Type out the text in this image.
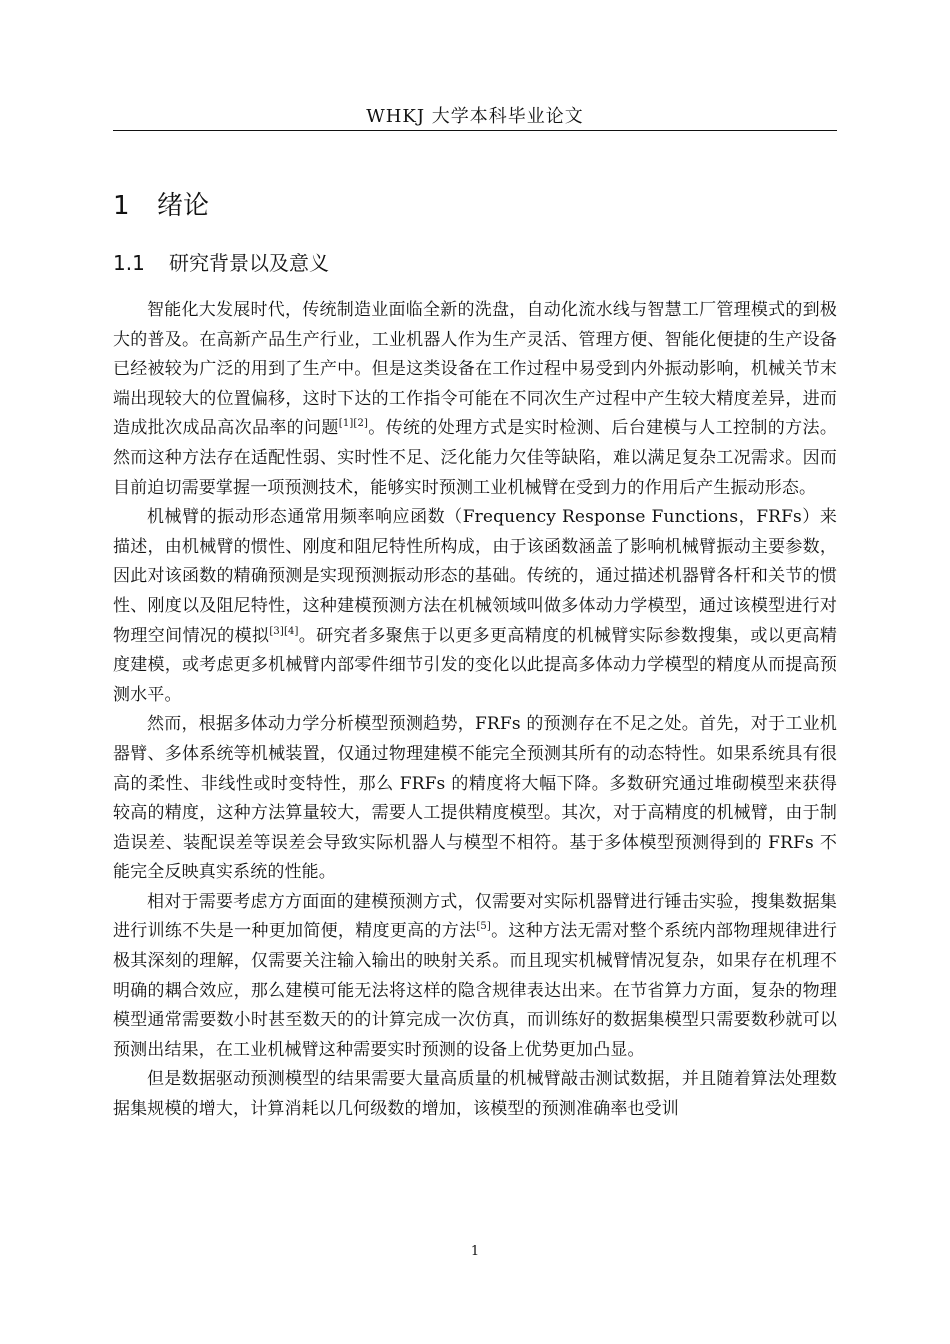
WHKJ 大学本科毕业论文
1 绪论
1.1 研究背景以及意义

智能化大发展时代，传统制造业面临全新的洗盘，自动化流水线与智慧工厂管理模式的到极大的普及。在高新产品生产行业，工业机器人作为生产灵活、管理方便、智能化便捷的生产设备已经被较为广泛的用到了生产中。但是这类设备在工作过程中易受到内外振动影响，机械关节末端出现较大的位置偏移，这时下达的工作指令可能在不同次生产过程中产生较大精度差异，进而造成批次成品高次品率的问题[1][2]。传统的处理方式是实时检测、后台建模与人工控制的方法。然而这种方法存在适配性弱、实时性不足、泛化能力欠佳等缺陷，难以满足复杂工况需求。因而目前迫切需要掌握一项预测技术，能够实时预测工业机械臂在受到力的作用后产生振动形态。

机械臂的振动形态通常用频率响应函数（Frequency Response Functions，FRFs）来描述，由机械臂的惯性、刚度和阻尼特性所构成，由于该函数涵盖了影响机械臂振动主要参数，因此对该函数的精确预测是实现预测振动形态的基础。传统的，通过描述机器臂各杆和关节的惯性、刚度以及阻尼特性，这种建模预测方法在机械领域叫做多体动力学模型，通过该模型进行对物理空间情况的模拟[3][4]。研究者多聚焦于以更多更高精度的机械臂实际参数搜集，或以更高精度建模，或考虑更多机械臂内部零件细节引发的变化以此提高多体动力学模型的精度从而提高预测水平。

然而，根据多体动力学分析模型预测趋势，FRFs 的预测存在不足之处。首先，对于工业机器臂、多体系统等机械装置，仅通过物理建模不能完全预测其所有的动态特性。如果系统具有很高的柔性、非线性或时变特性，那么 FRFs 的精度将大幅下降。多数研究通过堆砌模型来获得较高的精度，这种方法算量较大，需要人工提供精度模型。其次，对于高精度的机械臂，由于制造误差、装配误差等误差会导致实际机器人与模型不相符。基于多体模型预测得到的 FRFs 不能完全反映真实系统的性能。

相对于需要考虑方方面面的建模预测方式，仅需要对实际机器臂进行锤击实验，搜集数据集进行训练不失是一种更加简便，精度更高的方法[5]。这种方法无需对整个系统内部物理规律进行极其深刻的理解，仅需要关注输入输出的映射关系。而且现实机械臂情况复杂，如果存在机理不明确的耦合效应，那么建模可能无法将这样的隐含规律表达出来。在节省算力方面，复杂的物理模型通常需要数小时甚至数天的的计算完成一次仿真，而训练好的数据集模型只需要数秒就可以预测出结果，在工业机械臂这种需要实时预测的设备上优势更加凸显。

但是数据驱动预测模型的结果需要大量高质量的机械臂敲击测试数据，并且随着算法处理数据集规模的增大，计算消耗以几何级数的增加，该模型的预测准确率也受训

1
